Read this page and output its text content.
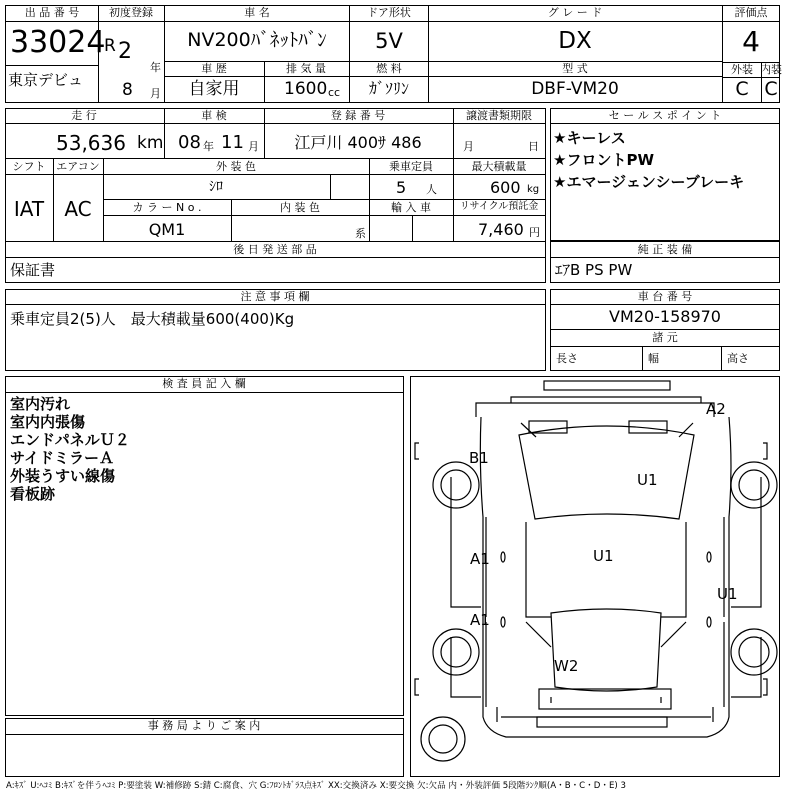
出 品 番 号
33024
東京デビュ
初度登録
R 2
年
8 月
車 名
NV200ﾊﾞﾈｯﾄﾊﾞﾝ
ドア形状
5V
グ レ ー ド
DX
車 歴
自家用
排 気 量
1600 cc
燃 料
ｶﾞｿﾘﾝ
型 式
DBF-VM20
評価点
4
外装 内装
C C
走 行
53,636 km
車 検
08 年 11 月
登 録 番 号
江戸川 400ｻ 486
譲渡書類期限
月	日
シフト エアコン
IAT AC
外 装 色
ｼﾛ
乗車定員
5 人
最大積載量
600 kg
カ ラ ー N o .
QM1
内 装 色
系
輸 入 車	リサイクル預託金
7,460 円
後 日 発 送 部 品
保証書
セ ー ル ス ポ イ ン ト
★キーレス
★フロントPW
★エマージェンシーブレーキ
純 正 装 備
ｴｱB PS PW
注 意 事 項 欄
乗車定員2(5)人　最大積載量600(400)Kg
車 台 番 号
VM20-158970
諸 元
長さ	幅	高さ
検 査 員 記 入 欄
室内汚れ
室内内張傷
エンドパネルＵ２
サイドミラーＡ
外装うすい線傷
看板跡
事 務 局 よ り ご 案 内
A2
B1
U1
U1
U1
A1
A1
W2
A:ｷｽﾞ U:ﾍｺﾐ B:ｷｽﾞを伴うﾍｺﾐ P:要塗装 W:補修跡 S:錆 C:腐食、穴 G:ﾌﾛﾝﾄｶﾞﾗｽ点ｷｽﾞ XX:交換済み X:要交換 欠:欠品 内・外装評価 5段階ﾗﾝｸ順(A・B・C・D・E) 3
